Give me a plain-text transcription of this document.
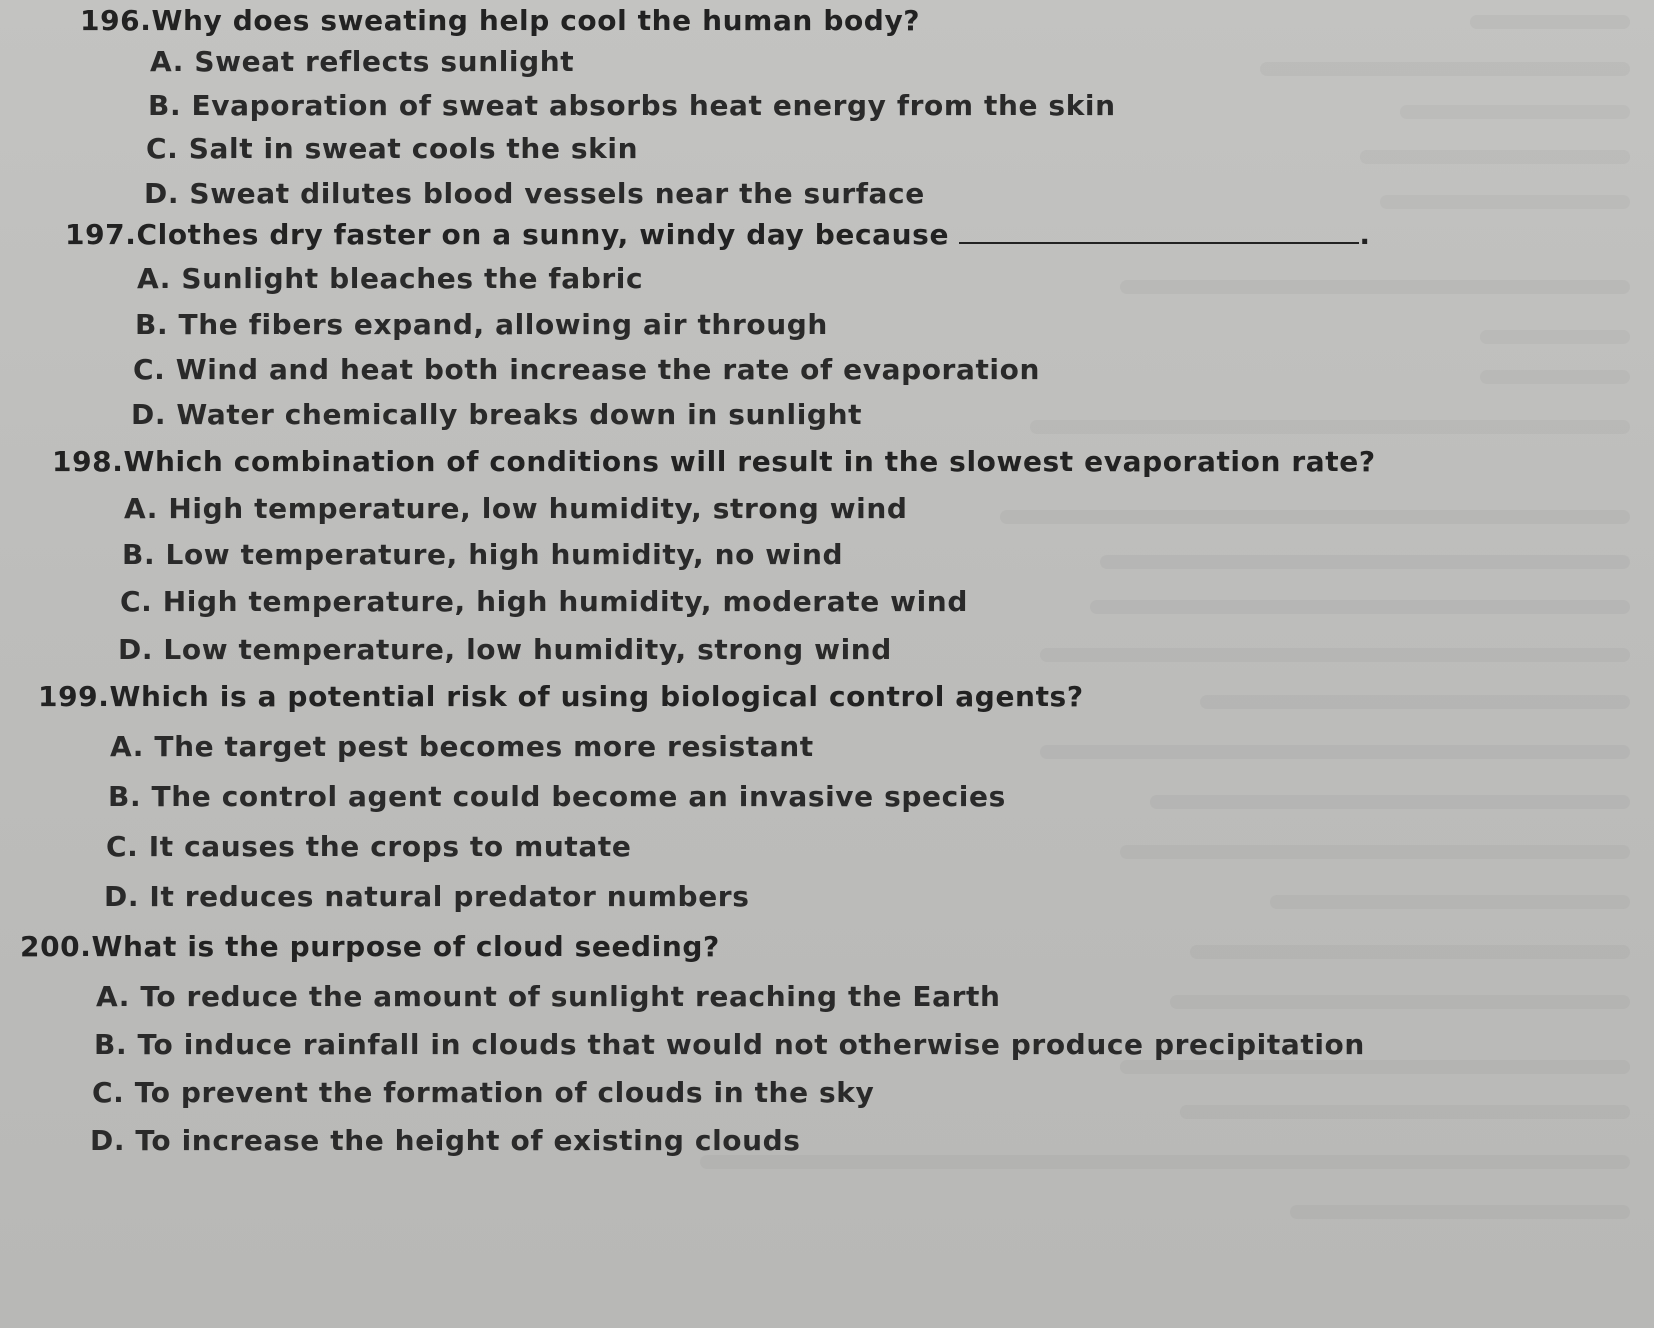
196.Why does sweating help cool the human body?
A. Sweat reflects sunlight
B. Evaporation of sweat absorbs heat energy from the skin
C. Salt in sweat cools the skin
D. Sweat dilutes blood vessels near the surface
197.Clothes dry faster on a sunny, windy day because	.
A. Sunlight bleaches the fabric
B. The fibers expand, allowing air through
C. Wind and heat both increase the rate of evaporation
D. Water chemically breaks down in sunlight
198.Which combination of conditions will result in the slowest evaporation rate?
A. High temperature, low humidity, strong wind
B. Low temperature, high humidity, no wind
C. High temperature, high humidity, moderate wind
D. Low temperature, low humidity, strong wind
199.Which is a potential risk of using biological control agents?
A. The target pest becomes more resistant
B. The control agent could become an invasive species
C. It causes the crops to mutate
D. It reduces natural predator numbers
200.What is the purpose of cloud seeding?
A. To reduce the amount of sunlight reaching the Earth
B. To induce rainfall in clouds that would not otherwise produce precipitation
C. To prevent the formation of clouds in the sky
D. To increase the height of existing clouds
